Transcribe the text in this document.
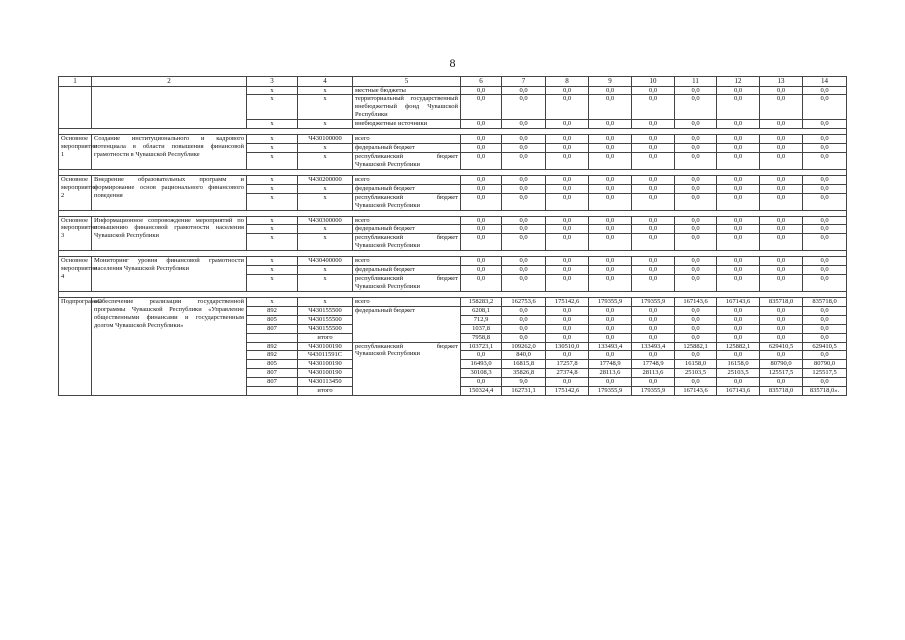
8
1	2	3	4	5	6	7	8	9	10	11	12	13	14
		х	х	местные бюджеты	0,0	0,0	0,0	0,0	0,0	0,0	0,0	0,0	0,0
		х	х	территориальный государственный внебюджетный фонд Чувашской Республики	0,0	0,0	0,0	0,0	0,0	0,0	0,0	0,0	0,0
		х	х	внебюджетные источники	0,0	0,0	0,0	0,0	0,0	0,0	0,0	0,0	0,0

Основное мероприятие 1	Создание институционального и кадрового потенциала в области повышения финансовой грамотности в Чувашской Республике	х	Ч430100000	всего	0,0	0,0	0,0	0,0	0,0	0,0	0,0	0,0	0,0
		х	х	федеральный бюджет	0,0	0,0	0,0	0,0	0,0	0,0	0,0	0,0	0,0
		х	х	республиканский бюджет Чувашской Республики	0,0	0,0	0,0	0,0	0,0	0,0	0,0	0,0	0,0

Основное мероприятие 2	Внедрение образовательных программ и формирование основ рационального финансового поведения	х	Ч430200000	всего	0,0	0,0	0,0	0,0	0,0	0,0	0,0	0,0	0,0
		х	х	федеральный бюджет	0,0	0,0	0,0	0,0	0,0	0,0	0,0	0,0	0,0
		х	х	республиканский бюджет Чувашской Республики	0,0	0,0	0,0	0,0	0,0	0,0	0,0	0,0	0,0

Основное мероприятие 3	Информационное сопровождение мероприятий по повышению финансовой грамотности населения Чувашской Республики	х	Ч430300000	всего	0,0	0,0	0,0	0,0	0,0	0,0	0,0	0,0	0,0
		х	х	федеральный бюджет	0,0	0,0	0,0	0,0	0,0	0,0	0,0	0,0	0,0
		х	х	республиканский бюджет Чувашской Республики	0,0	0,0	0,0	0,0	0,0	0,0	0,0	0,0	0,0

Основное мероприятие 4	Мониторинг уровня финансовой грамотности населения Чувашской Республики	х	Ч430400000	всего	0,0	0,0	0,0	0,0	0,0	0,0	0,0	0,0	0,0
		х	х	федеральный бюджет	0,0	0,0	0,0	0,0	0,0	0,0	0,0	0,0	0,0
		х	х	республиканский бюджет Чувашской Республики	0,0	0,0	0,0	0,0	0,0	0,0	0,0	0,0	0,0

Подпрограмма	«Обеспечение реализации государственной программы Чувашской Республики «Управление общественными финансами и государственным долгом Чувашской Республики»	х	х	всего	158283,2	162753,6	175142,6	179355,9	179355,9	167143,6	167143,6	835718,0	835718,0
		892	Ч430155500	федеральный бюджет	6208,1	0,0	0,0	0,0	0,0	0,0	0,0	0,0	0,0
		805	Ч430155500		712,9	0,0	0,0	0,0	0,0	0,0	0,0	0,0	0,0
		807	Ч430155500		1037,8	0,0	0,0	0,0	0,0	0,0	0,0	0,0	0,0
			итого		7958,8	0,0	0,0	0,0	0,0	0,0	0,0	0,0	0,0
		892	Ч430100190	республиканский бюджет Чувашской Республики	103723,1	109262,0	130510,0	133493,4	133493,4	125882,1	125882,1	629410,5	629410,5
		892	Ч43011591С		0,0	840,0	0,0	0,0	0,0	0,0	0,0	0,0	0,0
		805	Ч430100190		16493,0	16815,8	17257,8	17748,9	17748,9	16158,0	16158,0	80790,0	80790,0
		807	Ч430100190		30108,3	35826,8	27374,8	28113,6	28113,6	25103,5	25103,5	125517,5	125517,5
		807	Ч430113450		0,0	9,0	0,0	0,0	0,0	0,0	0,0	0,0	0,0
			итого		150324,4	162731,1	175142,6	179355,9	179355,9	167143,6	167143,6	835718,0	835718,0».
